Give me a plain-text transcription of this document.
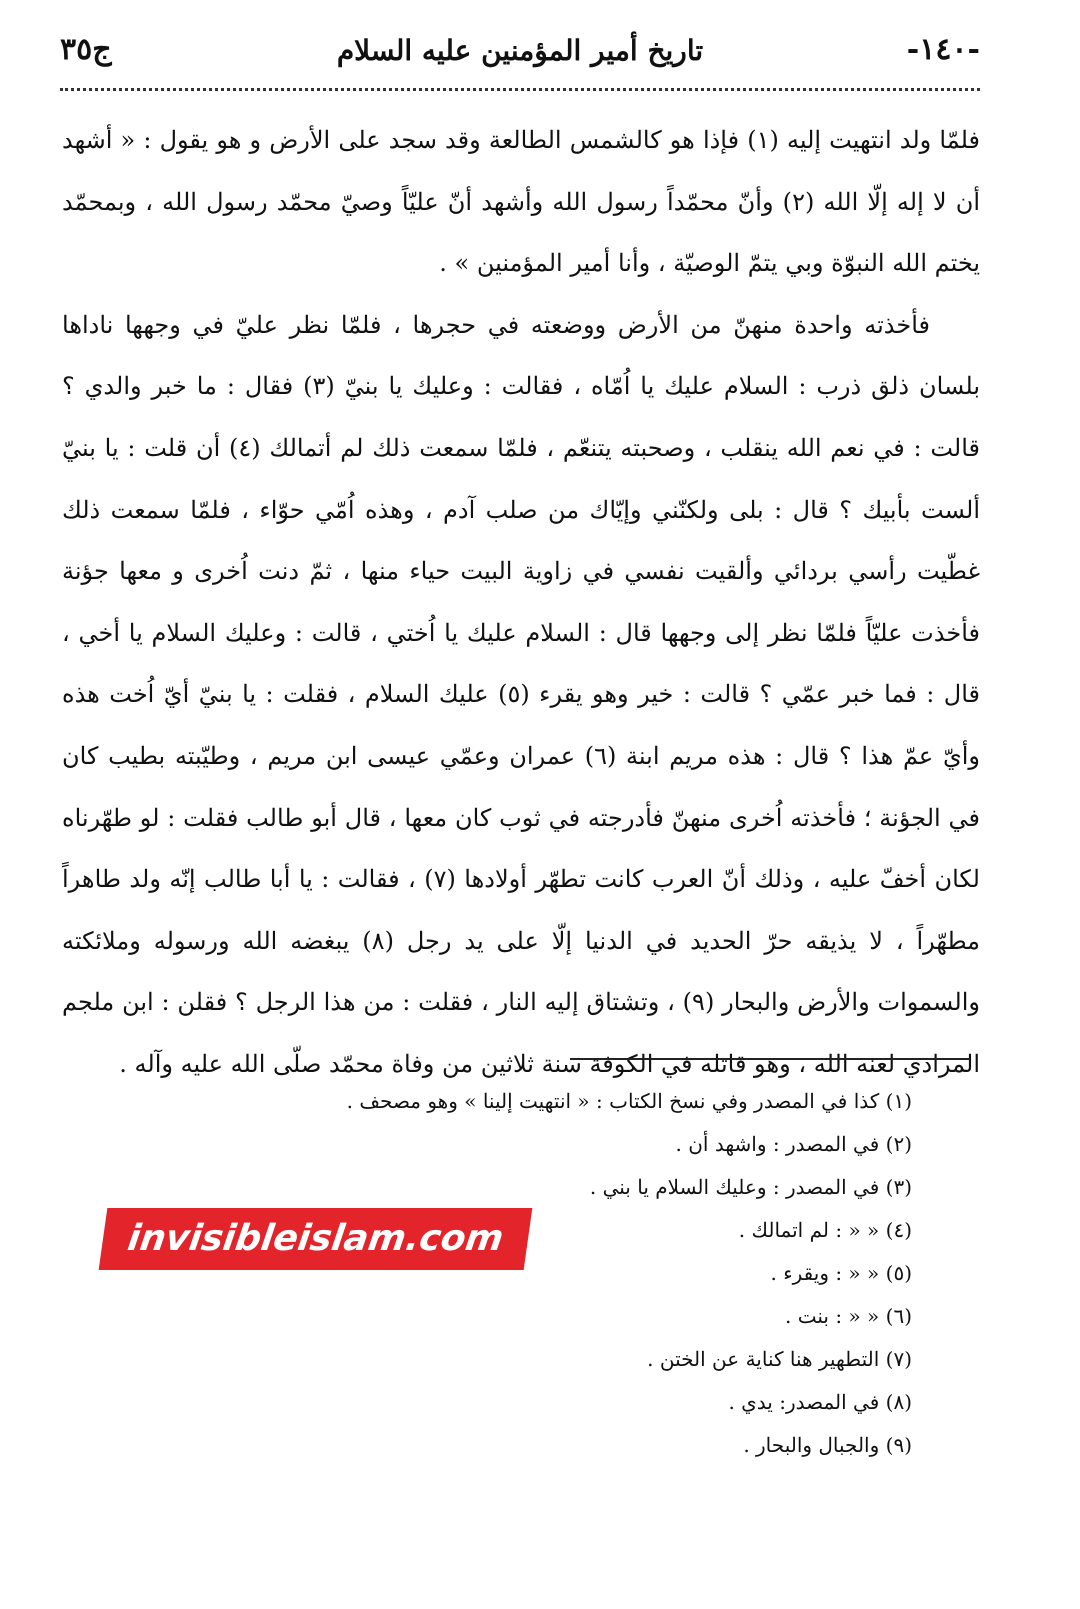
-١٤٠-
تاريخ أمير المؤمنين عليه السلام
ج٣٥

فلمّا ولد انتهيت إليه (١) فإذا هو كالشمس الطالعة وقد سجد على الأرض و هو يقول : « أشهد أن لا إله إلّا الله (٢) وأنّ محمّداً رسول الله وأشهد أنّ عليّاً وصيّ محمّد رسول الله ، وبمحمّد يختم الله النبوّة وبي يتمّ الوصيّة ، وأنا أمير المؤمنين » .

فأخذته واحدة منهنّ من الأرض ووضعته في حجرها ، فلمّا نظر عليّ في وجهها ناداها بلسان ذلق ذرب : السلام عليك يا اُمّاه ، فقالت : وعليك يا بنيّ (٣) فقال : ما خبر والدي ؟ قالت : في نعم الله ينقلب ، وصحبته يتنعّم ، فلمّا سمعت ذلك لم أتمالك (٤) أن قلت : يا بنيّ ألست بأبيك ؟ قال : بلى ولكنّني وإيّاك من صلب آدم ، وهذه اُمّي حوّاء ، فلمّا سمعت ذلك غطّيت رأسي بردائي وألقيت نفسي في زاوية البيت حياء منها ، ثمّ دنت اُخرى و معها جؤنة فأخذت عليّاً فلمّا نظر إلى وجهها قال : السلام عليك يا اُختي ، قالت : وعليك السلام يا أخي ، قال : فما خبر عمّي ؟ قالت : خير وهو يقرء (٥) عليك السلام ، فقلت : يا بنيّ أيّ اُخت هذه وأيّ عمّ هذا ؟ قال : هذه مريم ابنة (٦) عمران وعمّي عيسى ابن مريم ، وطيّبته بطيب كان في الجؤنة ؛ فأخذته اُخرى منهنّ فأدرجته في ثوب كان معها ، قال أبو طالب فقلت : لو طهّرناه لكان أخفّ عليه ، وذلك أنّ العرب كانت تطهّر أولادها (٧) ، فقالت : يا أبا طالب إنّه ولد طاهراً مطهّراً ، لا يذيقه حرّ الحديد في الدنيا إلّا على يد رجل (٨) يبغضه الله ورسوله وملائكته والسموات والأرض والبحار (٩) ، وتشتاق إليه النار ، فقلت : من هذا الرجل ؟ فقلن : ابن ملجم المرادي لعنه الله ، وهو قاتله في الكوفة سنة ثلاثين من وفاة محمّد صلّى الله عليه وآله .

(١) كذا في المصدر وفي نسخ الكتاب : « انتهيت إلينا » وهو مصحف .
(٢) في المصدر : واشهد أن .
(٣) في المصدر : وعليك السلام يا بني .
(٤) « « : لم اتمالك .
(٥) « « : ويقرء .
(٦) « « : بنت .
(٧) التطهير هنا كناية عن الختن .
(٨) في المصدر: يدي .
(٩) والجبال والبحار .
invisibleislam.com
